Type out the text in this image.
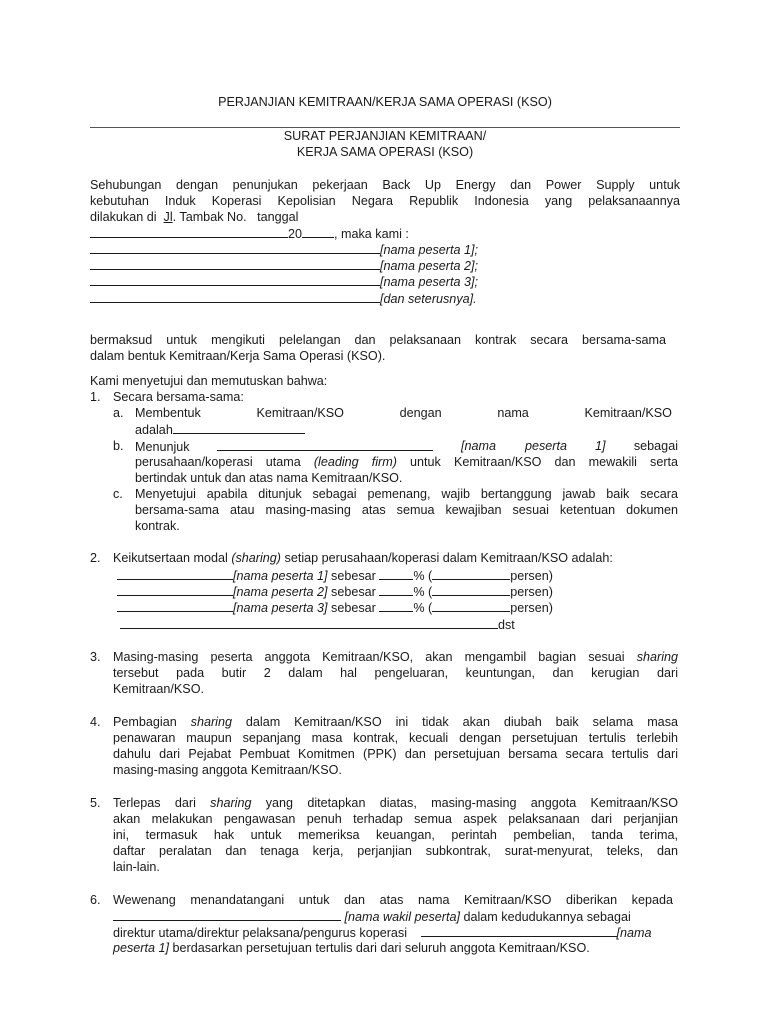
PERJANJIAN KEMITRAAN/KERJA SAMA OPERASI (KSO)
SURAT PERJANJIAN KEMITRAAN/
KERJA SAMA OPERASI (KSO)
Sehubungan dengan penunjukan pekerjaan Back Up Energy dan Power Supply untuk
kebutuhan Induk Koperasi Kepolisian Negara Republik Indonesia yang pelaksanaannya
dilakukan di Jl. Tambak No. tanggal
20	, maka kami :
[nama peserta 1];
[nama peserta 2];
[nama peserta 3];
[dan seterusnya].
bermaksud untuk mengikuti pelelangan dan pelaksanaan kontrak secara bersama-sama
dalam bentuk Kemitraan/Kerja Sama Operasi (KSO).
Kami menyetujui dan memutuskan bahwa:
1. Secara bersama-sama:
a. Membentuk	Kemitraan/KSO	dengan	nama	Kemitraan/KSO
adalah
b. Menunjuk	[nama peserta 1] sebagai
perusahaan/koperasi utama (leading firm) untuk Kemitraan/KSO dan mewakili serta
bertindak untuk dan atas nama Kemitraan/KSO.
c. Menyetujui apabila ditunjuk sebagai pemenang, wajib bertanggung jawab baik secara
bersama-sama atau masing-masing atas semua kewajiban sesuai ketentuan dokumen
kontrak.
2. Keikutsertaan modal (sharing) setiap perusahaan/koperasi dalam Kemitraan/KSO adalah:
[nama peserta 1] sebesar	% (	persen)
[nama peserta 2] sebesar	% (	persen)
[nama peserta 3] sebesar	% (	persen)
dst
3. Masing-masing peserta anggota Kemitraan/KSO, akan mengambil bagian sesuai sharing
tersebut pada butir 2 dalam hal pengeluaran, keuntungan, dan kerugian dari
Kemitraan/KSO.
4. Pembagian sharing dalam Kemitraan/KSO ini tidak akan diubah baik selama masa
penawaran maupun sepanjang masa kontrak, kecuali dengan persetujuan tertulis terlebih
dahulu dari Pejabat Pembuat Komitmen (PPK) dan persetujuan bersama secara tertulis dari
masing-masing anggota Kemitraan/KSO.
5. Terlepas dari sharing yang ditetapkan diatas, masing-masing anggota Kemitraan/KSO
akan melakukan pengawasan penuh terhadap semua aspek pelaksanaan dari perjanjian
ini, termasuk hak untuk memeriksa keuangan, perintah pembelian, tanda terima,
daftar peralatan dan tenaga kerja, perjanjian subkontrak, surat-menyurat, teleks, dan
lain-lain.
6. Wewenang menandatangani untuk dan atas nama Kemitraan/KSO diberikan kepada
[nama wakil peserta] dalam kedudukannya sebagai
direktur utama/direktur pelaksana/pengurus koperasi	[nama
peserta 1] berdasarkan persetujuan tertulis dari dari seluruh anggota Kemitraan/KSO.
